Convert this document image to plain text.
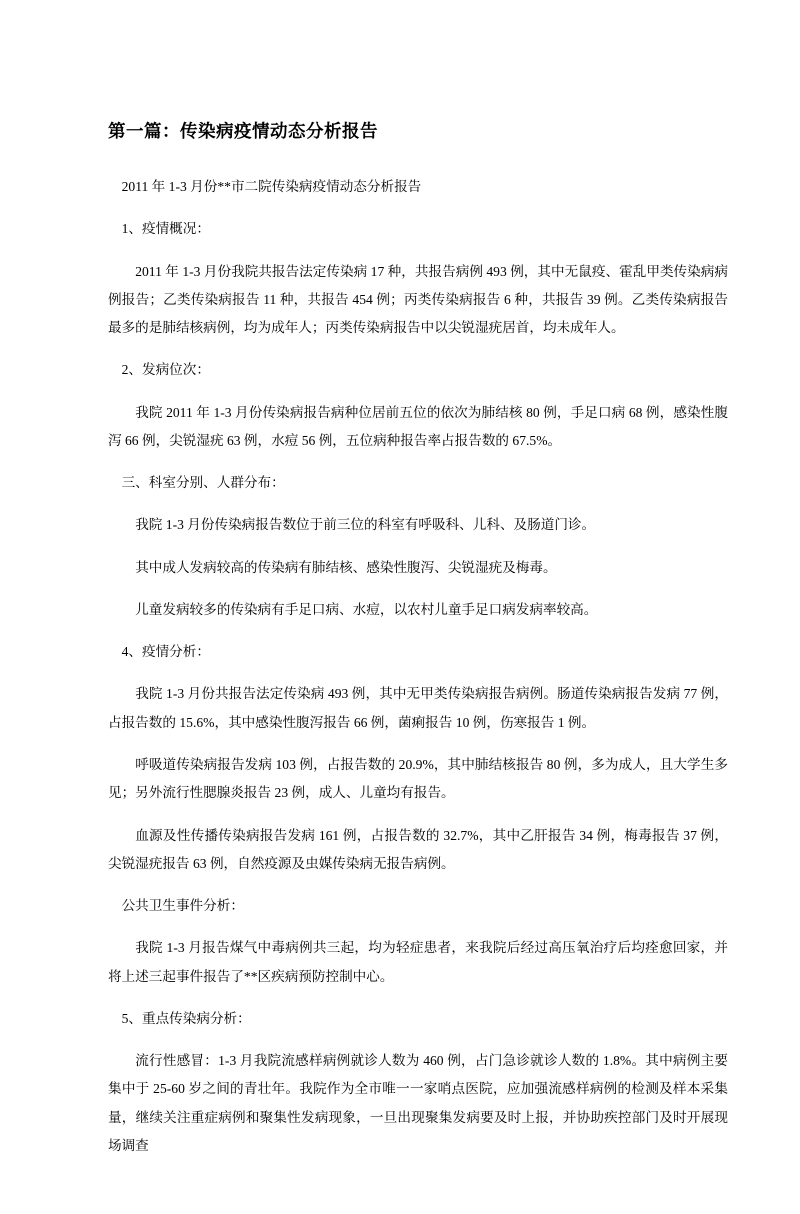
第一篇：传染病疫情动态分析报告

2011 年 1-3 月份**市二院传染病疫情动态分析报告

1、疫情概况：

2011 年 1-3 月份我院共报告法定传染病 17 种，共报告病例 493 例，其中无鼠疫、霍乱甲类传染病病例报告；乙类传染病报告 11 种，共报告 454 例；丙类传染病报告 6 种，共报告 39 例。乙类传染病报告最多的是肺结核病例，均为成年人；丙类传染病报告中以尖锐湿疣居首，均未成年人。

2、发病位次：

我院 2011 年 1-3 月份传染病报告病种位居前五位的依次为肺结核 80 例，手足口病 68 例，感染性腹泻 66 例，尖锐湿疣 63 例，水痘 56 例，五位病种报告率占报告数的 67.5%。

三、科室分别、人群分布：

我院 1-3 月份传染病报告数位于前三位的科室有呼吸科、儿科、及肠道门诊。

其中成人发病较高的传染病有肺结核、感染性腹泻、尖锐湿疣及梅毒。

儿童发病较多的传染病有手足口病、水痘，以农村儿童手足口病发病率较高。

4、疫情分析：

我院 1-3 月份共报告法定传染病 493 例，其中无甲类传染病报告病例。肠道传染病报告发病 77 例，占报告数的 15.6%，其中感染性腹泻报告 66 例，菌痢报告 10 例，伤寒报告 1 例。

呼吸道传染病报告发病 103 例，占报告数的 20.9%，其中肺结核报告 80 例，多为成人，且大学生多见；另外流行性腮腺炎报告 23 例，成人、儿童均有报告。

血源及性传播传染病报告发病 161 例，占报告数的 32.7%，其中乙肝报告 34 例，梅毒报告 37 例，尖锐湿疣报告 63 例，自然疫源及虫媒传染病无报告病例。

公共卫生事件分析：

我院 1-3 月报告煤气中毒病例共三起，均为轻症患者，来我院后经过高压氧治疗后均痊愈回家，并将上述三起事件报告了**区疾病预防控制中心。

5、重点传染病分析：

流行性感冒：1-3 月我院流感样病例就诊人数为 460 例，占门急诊就诊人数的 1.8%。其中病例主要集中于 25-60 岁之间的青壮年。我院作为全市唯一一家哨点医院，应加强流感样病例的检测及样本采集量，继续关注重症病例和聚集性发病现象，一旦出现聚集发病要及时上报，并协助疾控部门及时开展现场调查
